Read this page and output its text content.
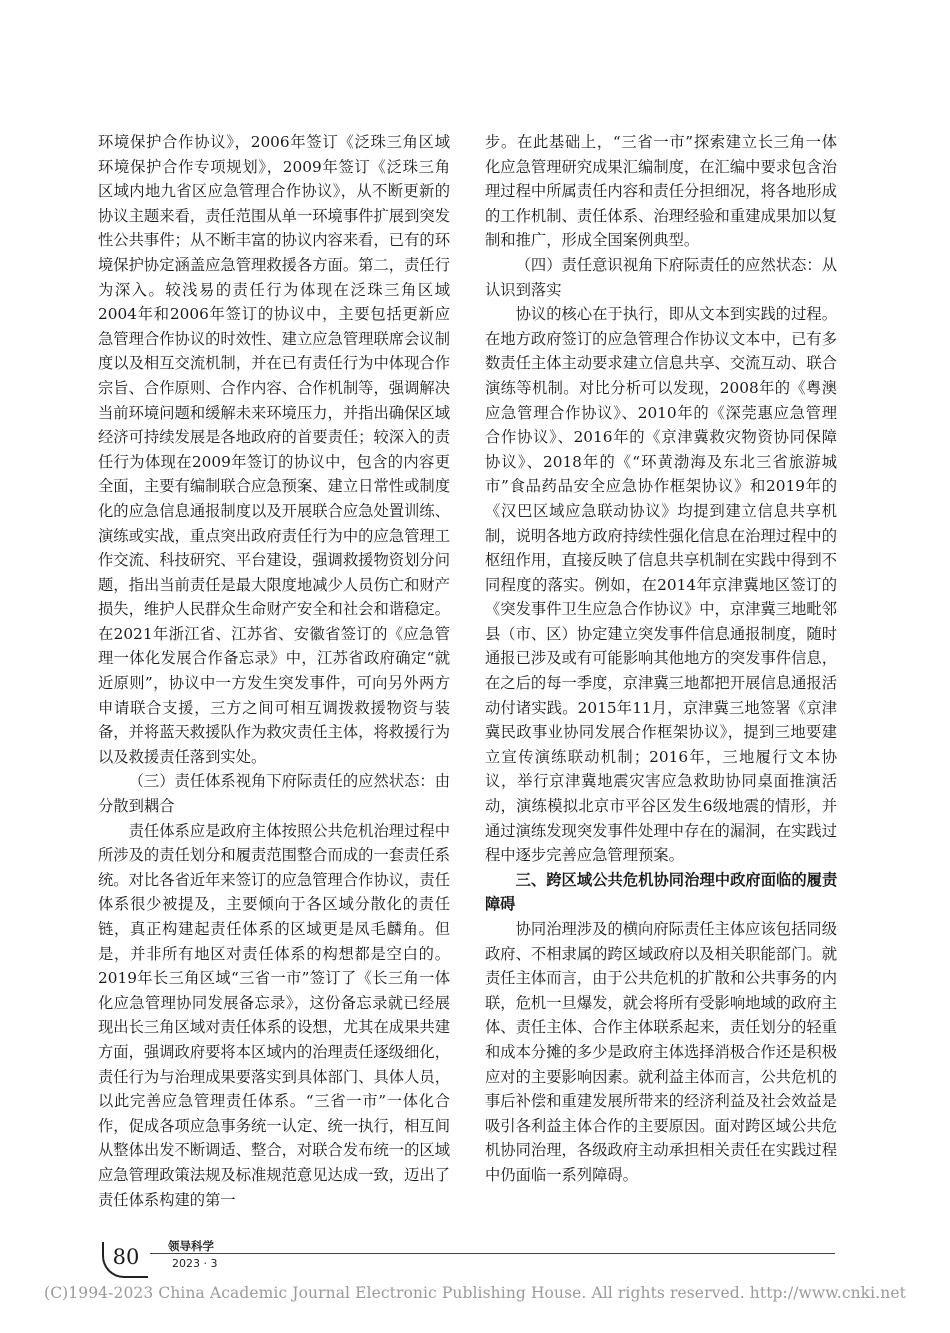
环境保护合作协议》，2006年签订《泛珠三角区域环境保护合作专项规划》，2009年签订《泛珠三角区域内地九省区应急管理合作协议》，从不断更新的协议主题来看，责任范围从单一环境事件扩展到突发性公共事件；从不断丰富的协议内容来看，已有的环境保护协定涵盖应急管理救援各方面。第二，责任行为深入。较浅易的责任行为体现在泛珠三角区域2004年和2006年签订的协议中，主要包括更新应急管理合作协议的时效性、建立应急管理联席会议制度以及相互交流机制，并在已有责任行为中体现合作宗旨、合作原则、合作内容、合作机制等，强调解决当前环境问题和缓解未来环境压力，并指出确保区域经济可持续发展是各地政府的首要责任；较深入的责任行为体现在2009年签订的协议中，包含的内容更全面，主要有编制联合应急预案、建立日常性或制度化的应急信息通报制度以及开展联合应急处置训练、演练或实战，重点突出政府责任行为中的应急管理工作交流、科技研究、平台建设，强调救援物资划分问题，指出当前责任是最大限度地减少人员伤亡和财产损失，维护人民群众生命财产安全和社会和谐稳定。在2021年浙江省、江苏省、安徽省签订的《应急管理一体化发展合作备忘录》中，江苏省政府确定“就近原则”，协议中一方发生突发事件，可向另外两方申请联合支援，三方之间可相互调拨救援物资与装备，并将蓝天救援队作为救灾责任主体，将救援行为以及救援责任落到实处。

（三）责任体系视角下府际责任的应然状态：由分散到耦合

责任体系应是政府主体按照公共危机治理过程中所涉及的责任划分和履责范围整合而成的一套责任系统。对比各省近年来签订的应急管理合作协议，责任体系很少被提及，主要倾向于各区域分散化的责任链，真正构建起责任体系的区域更是凤毛麟角。但是，并非所有地区对责任体系的构想都是空白的。2019年长三角区域“三省一市”签订了《长三角一体化应急管理协同发展备忘录》，这份备忘录就已经展现出长三角区域对责任体系的设想，尤其在成果共建方面，强调政府要将本区域内的治理责任逐级细化，责任行为与治理成果要落实到具体部门、具体人员，以此完善应急管理责任体系。“三省一市”一体化合作，促成各项应急事务统一认定、统一执行，相互间从整体出发不断调适、整合，对联合发布统一的区域应急管理政策法规及标准规范意见达成一致，迈出了责任体系构建的第一

步。在此基础上，“三省一市”探索建立长三角一体化应急管理研究成果汇编制度，在汇编中要求包含治理过程中所属责任内容和责任分担细况，将各地形成的工作机制、责任体系、治理经验和重建成果加以复制和推广，形成全国案例典型。

（四）责任意识视角下府际责任的应然状态：从认识到落实

协议的核心在于执行，即从文本到实践的过程。在地方政府签订的应急管理合作协议文本中，已有多数责任主体主动要求建立信息共享、交流互动、联合演练等机制。对比分析可以发现，2008年的《粤澳应急管理合作协议》、2010年的《深莞惠应急管理合作协议》、2016年的《京津冀救灾物资协同保障协议》、2018年的《“环黄渤海及东北三省旅游城市”食品药品安全应急协作框架协议》和2019年的《汉巴区域应急联动协议》均提到建立信息共享机制，说明各地方政府持续性强化信息在治理过程中的枢纽作用，直接反映了信息共享机制在实践中得到不同程度的落实。例如，在2014年京津冀地区签订的《突发事件卫生应急合作协议》中，京津冀三地毗邻县（市、区）协定建立突发事件信息通报制度，随时通报已涉及或有可能影响其他地方的突发事件信息，在之后的每一季度，京津冀三地都把开展信息通报活动付诸实践。2015年11月，京津冀三地签署《京津冀民政事业协同发展合作框架协议》，提到三地要建立宣传演练联动机制；2016年，三地履行文本协议，举行京津冀地震灾害应急救助协同桌面推演活动，演练模拟北京市平谷区发生6级地震的情形，并通过演练发现突发事件处理中存在的漏洞，在实践过程中逐步完善应急管理预案。

三、跨区域公共危机协同治理中政府面临的履责障碍

协同治理涉及的横向府际责任主体应该包括同级政府、不相隶属的跨区域政府以及相关职能部门。就责任主体而言，由于公共危机的扩散和公共事务的内联，危机一旦爆发，就会将所有受影响地域的政府主体、责任主体、合作主体联系起来，责任划分的轻重和成本分摊的多少是政府主体选择消极合作还是积极应对的主要影响因素。就利益主体而言，公共危机的事后补偿和重建发展所带来的经济利益及社会效益是吸引各利益主体合作的主要原因。面对跨区域公共危机协同治理，各级政府主动承担相关责任在实践过程中仍面临一系列障碍。

80	领导科学
2023 · 3
(C)1994-2023 China Academic Journal Electronic Publishing House. All rights reserved. http://www.cnki.net
